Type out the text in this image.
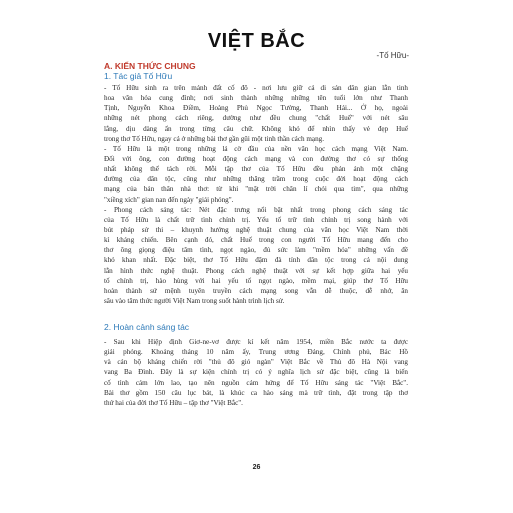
VIỆT BẮC
-Tố Hữu-
A. KIẾN THỨC CHUNG
1. Tác giả Tố Hữu
- Tố Hữu sinh ra trên mảnh đất cố đô - nơi lưu giữ cả di sản dân gian lẫn tinh
hoa văn hóa cung đình; nơi sinh thành những những tên tuổi lớn như Thanh
Tịnh, Nguyễn Khoa Điềm, Hoàng Phủ Ngọc Tường, Thanh Hải... Ở họ, ngoài
những nét phong cách riêng, dường như đều chung "chất Huế" với nét sâu
lắng, dịu dàng ẩn trong từng câu chữ. Không khó để nhìn thấy vẻ đẹp Huế
trong thơ Tố Hữu, ngay cả ở những bài thơ gần gũi một tinh thần cách mạng.
- Tố Hữu là một trong những lá cờ đầu của nền văn học cách mạng Việt Nam.
Đối với ông, con đường hoạt động cách mạng và con đường thơ có sự thống
nhất không thể tách rời. Mỗi tập thơ của Tố Hữu đều phản ánh một chặng
đường của dân tộc, cũng như những thăng trầm trong cuộc đời hoạt động cách
mạng của bản thân nhà thơ: từ khi "mặt trời chân lí chói qua tim", qua những
"xiềng xích" gian nan đến ngày "giải phóng".
- Phong cách sáng tác: Nét đặc trưng nổi bật nhất trong phong cách sáng tác
của Tố Hữu là chất trữ tình chính trị. Yếu tố trữ tình chính trị song hành với
bút pháp sử thi – khuynh hướng nghệ thuật chung của văn học Việt Nam thời
kì kháng chiến. Bên cạnh đó, chất Huế trong con người Tố Hữu mang đến cho
thơ ông giọng điệu tâm tình, ngọt ngào, đủ sức làm "mềm hóa" những vấn đề
khó khan nhất. Đặc biệt, thơ Tố Hữu đậm đà tính dân tộc trong cả nội dung
lẫn hình thức nghệ thuật. Phong cách nghệ thuật với sự kết hợp giữa hai yếu
tố chính trị, hào hùng với hai yếu tố ngọt ngào, mềm mại, giúp thơ Tố Hữu
hoàn thành sứ mệnh tuyên truyền cách mạng song vẫn dễ thuộc, dễ nhớ, ăn
sâu vào tâm thức người Việt Nam trong suốt hành trình lịch sử.
2. Hoàn cảnh sáng tác
- Sau khi Hiệp định Giơ-ne-vơ được kí kết năm 1954, miền Bắc nước ta được
giải phóng. Khoảng tháng 10 năm ấy, Trung ương Đảng, Chính phủ, Bác Hồ
và cán bộ kháng chiến rời "thủ đô gió ngàn" Việt Bắc về Thủ đô Hà Nội vang
vang Ba Đình. Đây là sự kiện chính trị có ý nghĩa lịch sử đặc biệt, cũng là biến
cố tình cảm lớn lao, tạo nên nguồn cảm hứng để Tố Hữu sáng tác "Việt Bắc".
Bài thơ gồm 150 câu lục bát, là khúc ca hào sáng mà trữ tình, đặt trong tập thơ
thứ hai của đời thơ Tố Hữu – tập thơ "Việt Bắc".
26
